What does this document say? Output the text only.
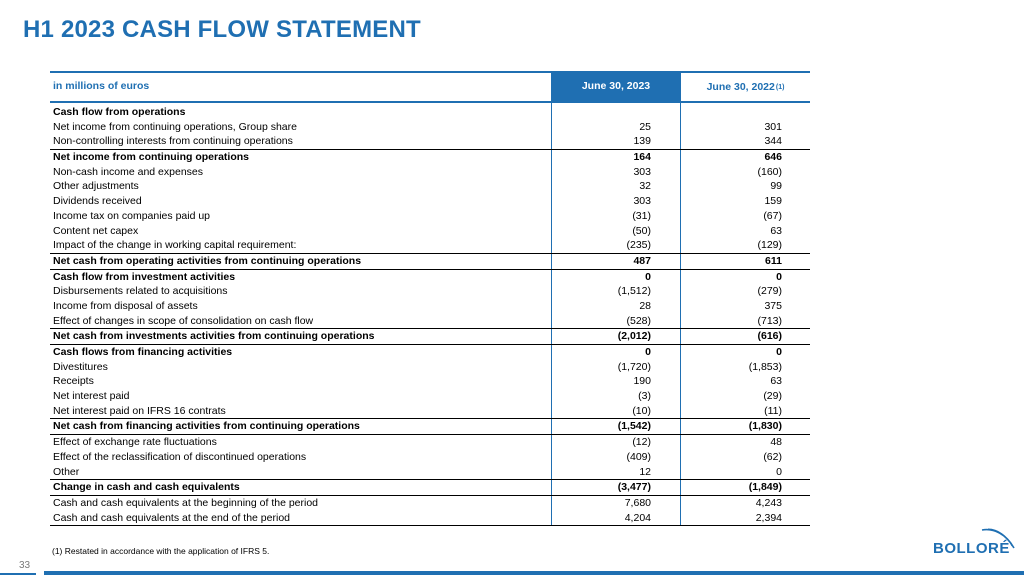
H1 2023 CASH FLOW STATEMENT
in millions of euros	June 30, 2023	June 30, 2022 (1)
Cash flow from operations
Net income from continuing operations, Group share	25	301
Non-controlling interests from continuing operations	139	344
Net income from continuing operations	164	646
Non-cash income and expenses	303	(160)
Other adjustments	32	99
Dividends received	303	159
Income tax on companies paid up	(31)	(67)
Content net capex	(50)	63
Impact of the change in working capital requirement:	(235)	(129)
Net cash from operating activities from continuing operations	487	611
Cash flow from investment activities	0	0
Disbursements related to acquisitions	(1,512)	(279)
Income from disposal of assets	28	375
Effect of changes in scope of consolidation on cash flow	(528)	(713)
Net cash from investments activities from continuing operations	(2,012)	(616)
Cash flows from financing activities	0	0
Divestitures	(1,720)	(1,853)
Receipts	190	63
Net interest paid	(3)	(29)
Net interest paid on IFRS 16 contrats	(10)	(11)
Net cash from financing activities from continuing operations	(1,542)	(1,830)
Effect of exchange rate fluctuations	(12)	48
Effect of the reclassification of discontinued operations	(409)	(62)
Other	12	0
Change in cash and cash equivalents	(3,477)	(1,849)
Cash and cash equivalents at the beginning of the period	7,680	4,243
Cash and cash equivalents at the end of the period	4,204	2,394
(1) Restated in accordance with the application of IFRS 5.
33
BOLLORÉ
